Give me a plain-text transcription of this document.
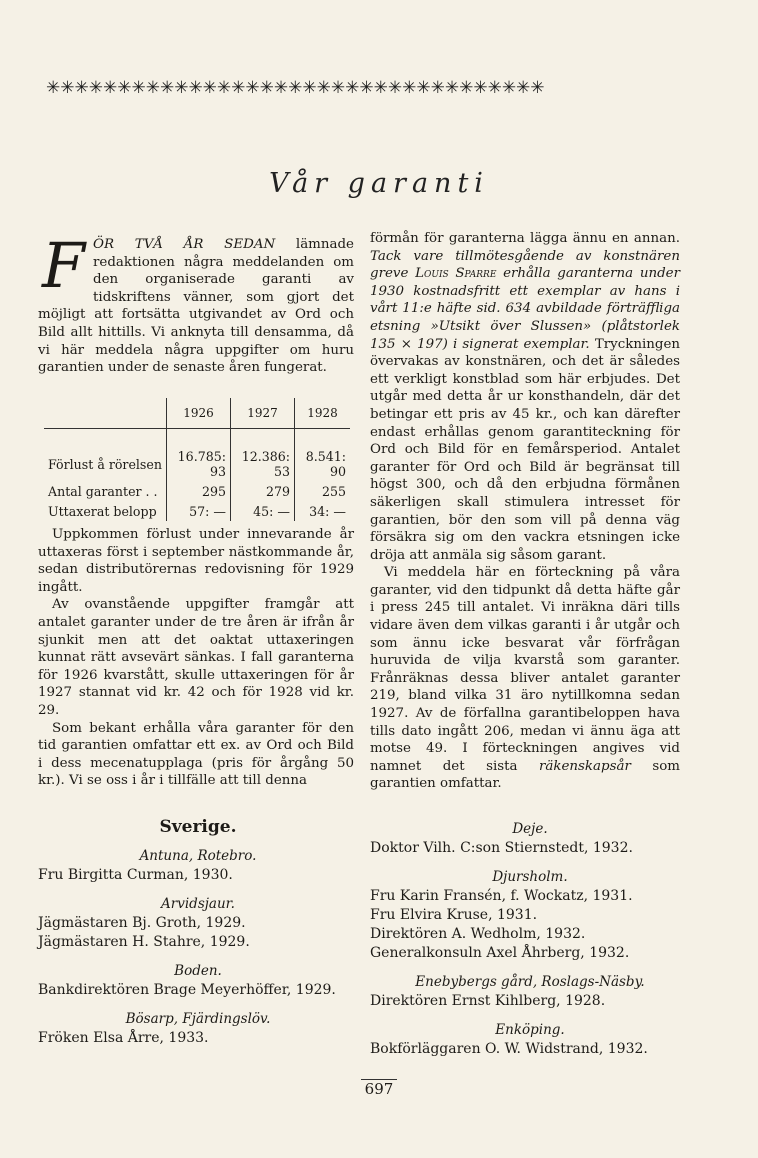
✳✳✳✳✳✳✳✳✳✳✳✳✳✳✳✳✳✳✳✳✳✳✳✳✳✳✳✳✳✳✳✳✳✳✳
Vår garanti

F ÖR TVÅ ÅR SEDAN lämnade redaktionen några meddelanden om den organiserade garanti av tidskriftens vänner, som gjort det möjligt att fortsätta utgivandet av Ord och Bild allt hittills. Vi anknyta till densamma, då vi här meddela några uppgifter om huru garantien under de senaste åren fungerat.

	1926	1927	1928
Förlust å rörelsen	16.785: 93	12.386: 53	8.541: 90
Antal garanter . .	295	279	255
Uttaxerat belopp	57: —	45: —	34: —

Uppkommen förlust under innevarande år uttaxeras först i september nästkommande år, sedan distributörernas redovisning för 1929 ingått.

Av ovanstående uppgifter framgår att antalet garanter under de tre åren är ifrån år sjunkit men att det oaktat uttaxeringen kunnat rätt avsevärt sänkas. I fall garanterna för 1926 kvarstått, skulle uttaxeringen för år 1927 stannat vid kr. 42 och för 1928 vid kr. 29.

Som bekant erhålla våra garanter för den tid garantien omfattar ett ex. av Ord och Bild i dess mecenatupplaga (pris för årgång 50 kr.). Vi se oss i år i tillfälle att till denna

förmån för garanterna lägga ännu en annan. Tack vare tillmötesgående av konstnären greve Louis Sparre erhålla garanterna under 1930 kostnadsfritt ett exemplar av hans i vårt 11:e häfte sid. 634 avbildade förträffliga etsning »Utsikt över Slussen» (plåtstorlek 135 × 197) i signerat exemplar. Tryckningen övervakas av konstnären, och det är således ett verkligt konstblad som här erbjudes. Det utgår med detta år ur konsthandeln, där det betingar ett pris av 45 kr., och kan därefter endast erhållas genom garantiteckning för Ord och Bild för en femårsperiod. Antalet garanter för Ord och Bild är begränsat till högst 300, och då den erbjudna förmånen säkerligen skall stimulera intresset för garantien, bör den som vill på denna väg försäkra sig om den vackra etsningen icke dröja att anmäla sig såsom garant.

Vi meddela här en förteckning på våra garanter, vid den tidpunkt då detta häfte går i press 245 till antalet. Vi inräkna däri tills vidare även dem vilkas garanti i år utgår och som ännu icke besvarat vår förfrågan huruvida de vilja kvarstå som garanter. Frånräknas dessa bliver antalet garanter 219, bland vilka 31 äro nytillkomna sedan 1927. Av de förfallna garantibeloppen hava tills dato ingått 206, medan vi ännu äga att motse 49. I förteckningen angives vid namnet det sista räkenskapsår som garantien omfattar.

Sverige.
Antuna, Rotebro.
Fru Birgitta Curman, 1930.
Arvidsjaur.
Jägmästaren Bj. Groth, 1929.
Jägmästaren H. Stahre, 1929.
Boden.
Bankdirektören Brage Meyerhöffer, 1929.
Bösarp, Fjärdingslöv.
Fröken Elsa Årre, 1933.
Deje.
Doktor Vilh. C:son Stiernstedt, 1932.
Djursholm.
Fru Karin Fransén, f. Wockatz, 1931.
Fru Elvira Kruse, 1931.
Direktören A. Wedholm, 1932.
Generalkonsuln Axel Åhrberg, 1932.
Enebybergs gård, Roslags-Näsby.
Direktören Ernst Kihlberg, 1928.
Enköping.
Bokförläggaren O. W. Widstrand, 1932.
697
